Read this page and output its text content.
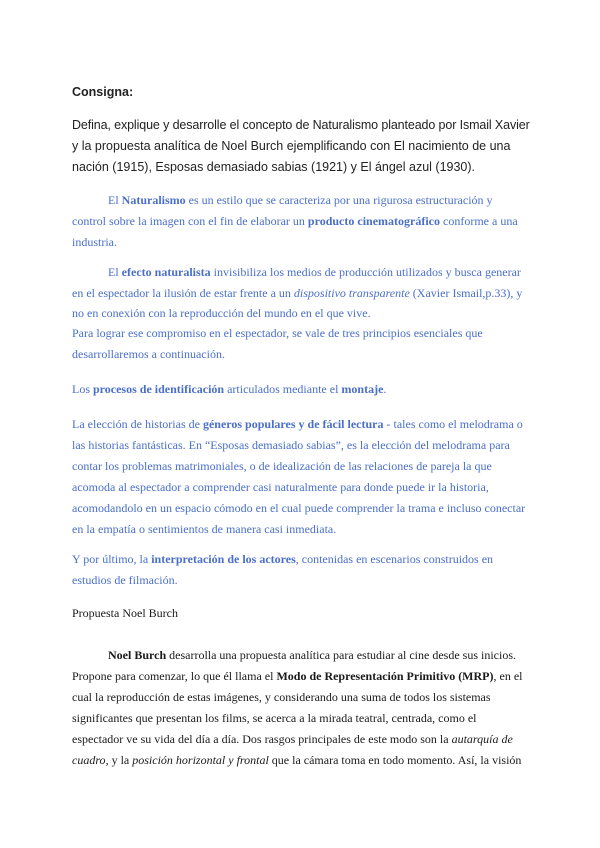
Consigna:
Defina, explique y desarrolle el concepto de Naturalismo planteado por Ismail Xavier
y la propuesta analítica de Noel Burch ejemplificando con El nacimiento de una
nación (1915), Esposas demasiado sabias (1921) y El ángel azul (1930).
El Naturalismo es un estilo que se caracteriza por una rigurosa estructuración y
control sobre la imagen con el fin de elaborar un producto cinematográfico conforme a una
industria.
El efecto naturalista invisibiliza los medios de producción utilizados y busca generar
en el espectador la ilusión de estar frente a un dispositivo transparente (Xavier Ismail,p.33), y
no en conexión con la reproducción del mundo en el que vive.
Para lograr ese compromiso en el espectador, se vale de tres principios esenciales que
desarrollaremos a continuación.
Los procesos de identificación articulados mediante el montaje.
La elección de historias de géneros populares y de fácil lectura - tales como el melodrama o
las historias fantásticas. En “Esposas demasiado sabias”, es la elección del melodrama para
contar los problemas matrimoniales, o de idealización de las relaciones de pareja la que
acomoda al espectador a comprender casi naturalmente para donde puede ir la historia,
acomodandolo en un espacio cómodo en el cual puede comprender la trama e incluso conectar
en la empatía o sentimientos de manera casi inmediata.
Y por último, la interpretación de los actores, contenidas en escenarios construidos en
estudios de filmación.
Propuesta Noel Burch
Noel Burch desarrolla una propuesta analítica para estudiar al cine desde sus inicios.
Propone para comenzar, lo que él llama el Modo de Representación Primitivo (MRP), en el
cual la reproducción de estas imágenes, y considerando una suma de todos los sistemas
significantes que presentan los films, se acerca a la mirada teatral, centrada, como el
espectador ve su vida del día a día. Dos rasgos principales de este modo son la autarquía de
cuadro, y la posición horizontal y frontal que la cámara toma en todo momento. Así, la visión
